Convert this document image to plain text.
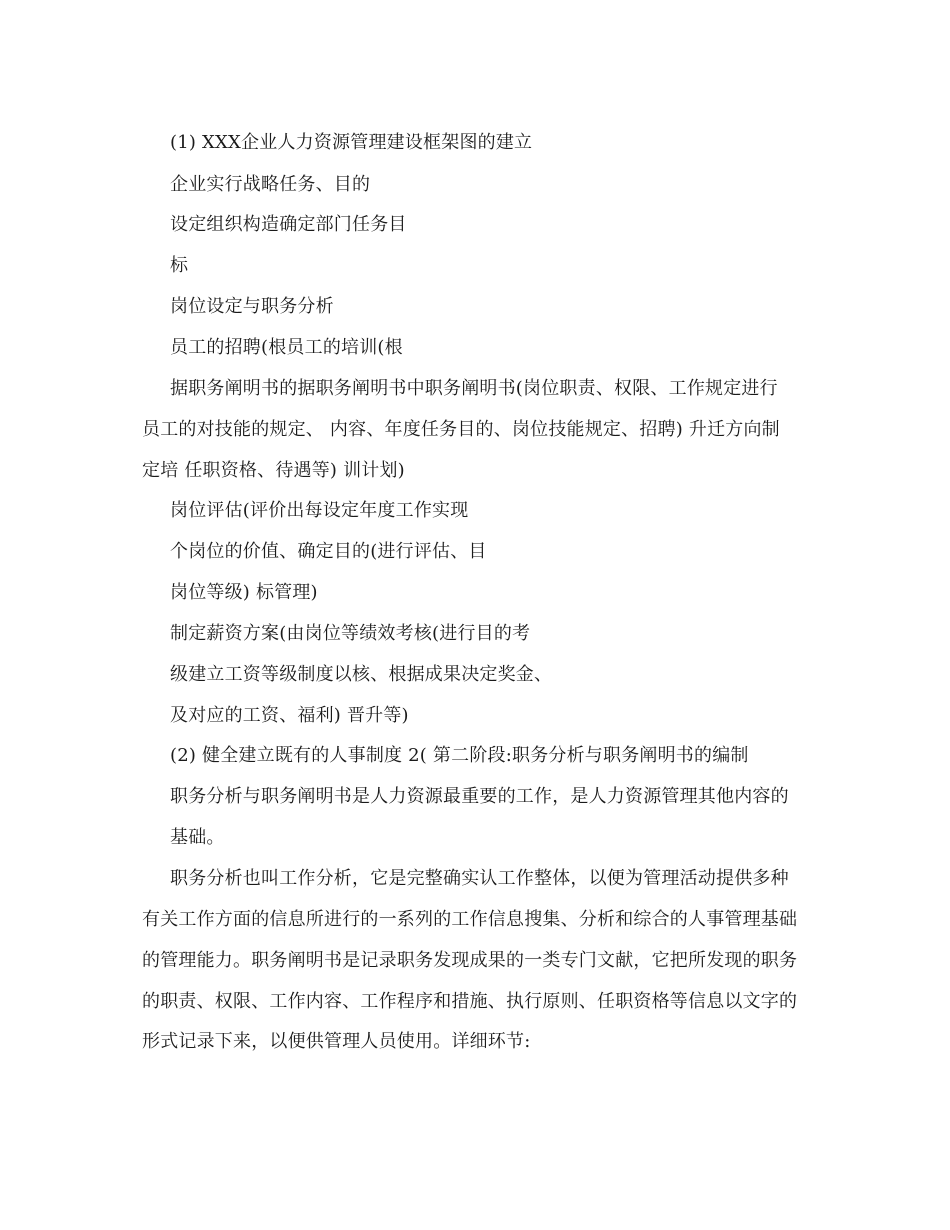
(1) XXX企业人力资源管理建设框架图的建立
企业实行战略任务、目的
设定组织构造确定部门任务目
标
岗位设定与职务分析
员工的招聘(根员工的培训(根
据职务阐明书的据职务阐明书中职务阐明书(岗位职责、权限、工作规定进行
员工的对技能的规定、 内容、年度任务目的、岗位技能规定、招聘) 升迁方向制
定培 任职资格、待遇等) 训计划)
岗位评估(评价出每设定年度工作实现
个岗位的价值、确定目的(进行评估、目
岗位等级) 标管理)
制定薪资方案(由岗位等绩效考核(进行目的考
级建立工资等级制度以核、根据成果决定奖金、
及对应的工资、福利) 晋升等)
(2) 健全建立既有的人事制度 2( 第二阶段:职务分析与职务阐明书的编制
职务分析与职务阐明书是人力资源最重要的工作，是人力资源管理其他内容的
基础。
职务分析也叫工作分析，它是完整确实认工作整体，以便为管理活动提供多种
有关工作方面的信息所进行的一系列的工作信息搜集、分析和综合的人事管理基础
的管理能力。职务阐明书是记录职务发现成果的一类专门文献，它把所发现的职务
的职责、权限、工作内容、工作程序和措施、执行原则、任职资格等信息以文字的
形式记录下来，以便供管理人员使用。详细环节:
